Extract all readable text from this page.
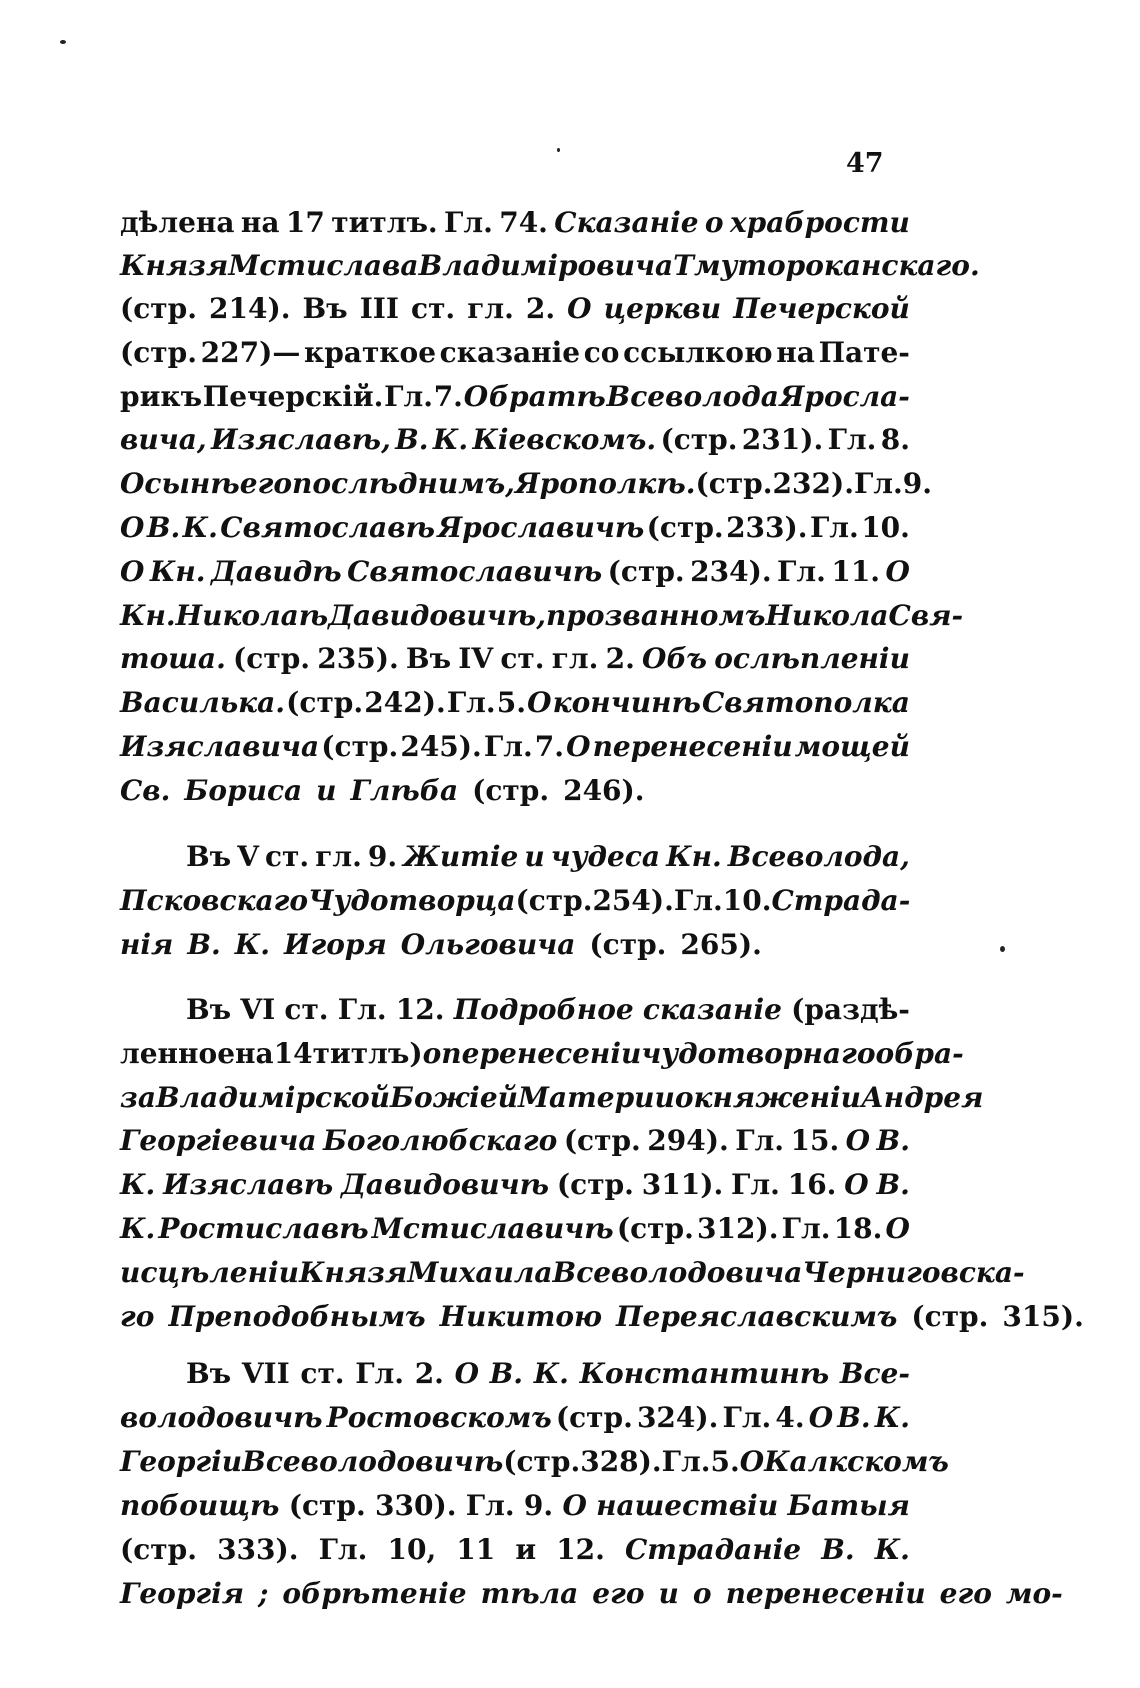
47
дѣлена на 17 титлъ. Гл. 74. Сказаніе о храбрости
Князя Мстислава Владиміровича Тмутороканскаго.
(стр. 214). Въ III ст. гл. 2. О церкви Печерской
(стр. 227)— краткое сказаніе со ссылкою на Пате-
рикъ Печерскій. Гл. 7. О братѣ Всеволода Яросла-
вича, Изяславѣ, В. К. Кіевскомъ. (стр. 231). Гл. 8.
О сынѣ его послѣднимъ, Ярополкѣ. (стр. 232). Гл. 9.
О В. К. Святославѣ Ярославичѣ (стр. 233). Гл. 10.
О Кн. Давидѣ Святославичѣ (стр. 234). Гл. 11. О
Кн. Николаѣ Давидовичѣ, прозванномъ Никола Свя-
тоша. (стр. 235). Въ IV ст. гл. 2. Объ ослѣпленіи
Василька. (стр. 242). Гл. 5. О кончинѣ Святополка
Изяславича (стр. 245). Гл. 7. О перенесеніи мощей
Св. Бориса и Глѣба (стр. 246).
Въ V ст. гл. 9. Житіе и чудеса Кн. Всеволода,
Псковскаго Чудотворца (стр. 254). Гл. 10. Страда-
нія В. К. Игоря Ольговича (стр. 265).
Въ VI ст. Гл. 12. Подробное сказаніе (раздѣ-
ленное на 14 титлъ) о перенесеніи чудотворнаго обра-
за Владимірской Божіей Матери и о княженіи Андрея
Георгіевича Боголюбскаго (стр. 294). Гл. 15. О В.
К. Изяславѣ Давидовичѣ (стр. 311). Гл. 16. О В.
К. Ростиславѣ Мстиславичѣ (стр. 312). Гл. 18. О
исцѣленіи Князя Михаила Всеволодовича Черниговска-
го Преподобнымъ Никитою Переяславскимъ (стр. 315).
Въ VII ст. Гл. 2. О В. К. Константинѣ Все-
володовичѣ Ростовскомъ (стр. 324). Гл. 4. О В. К.
Георгіи Всеволодовичѣ (стр. 328). Гл. 5. О Калкскомъ
побоищѣ (стр. 330). Гл. 9. О нашествіи Батыя
(стр. 333). Гл. 10, 11 и 12. Страданіе В. К.
Георгія ; обрѣтеніе тѣла его и о перенесеніи его мо-
